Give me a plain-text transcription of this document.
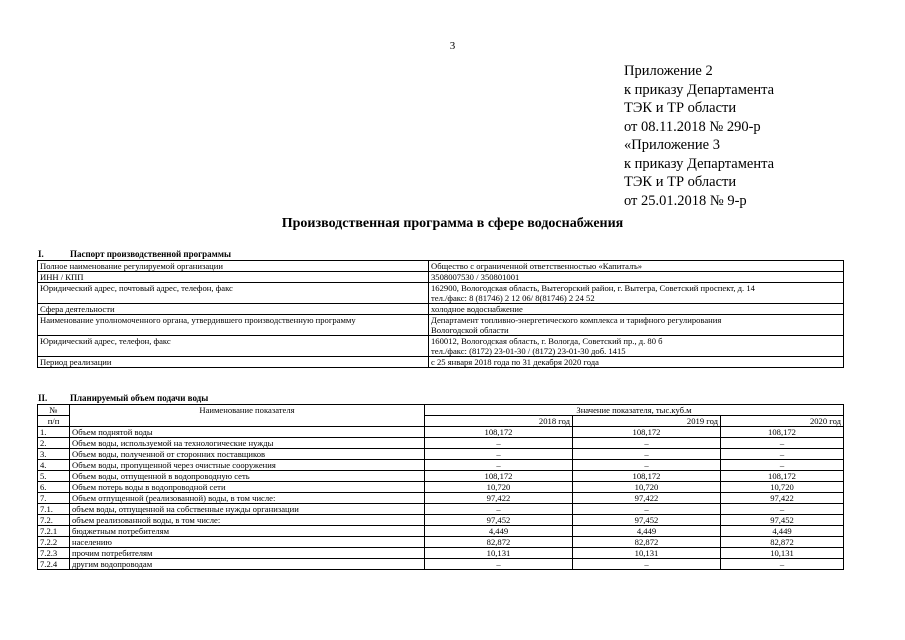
3
Приложение 2
к приказу Департамента
ТЭК и ТР области
от 08.11.2018 № 290-р
«Приложение 3
к приказу Департамента
ТЭК и ТР области
от 25.01.2018 № 9-р
Производственная программа в сфере водоснабжения
I.	Паспорт производственной программы
Полное наименование регулируемой организации	Общество с ограниченной ответственностью «Капиталъ»

ИНН / КПП	3508007530 / 350801001

Юридический адрес, почтовый адрес, телефон, факс	162900, Вологодская область, Вытегорский район, г. Вытегра, Советский проспект, д. 14
тел./факс: 8 (81746) 2 12 06/ 8(81746) 2 24 52

Сфера деятельности	холодное водоснабжение

Наименование уполномоченного органа, утвердившего производственную программу	Департамент топливно-энергетического комплекса и тарифного регулирования
Вологодской области

Юридический адрес, телефон, факс	160012, Вологодская область, г. Вологда, Советский пр., д. 80 б
тел./факс: (8172) 23-01-30 / (8172) 23-01-30 доб. 1415

Период реализации	с 25 января 2018 года по 31 декабря 2020 года
II.	Планируемый объем подачи воды
№	Наименование показателя	Значение показателя, тыс.куб.м		
п/п		2018 год	2019 год	2020 год
1.	Объем поднятой воды	108,172	108,172	108,172
2.	Объем воды, используемой на технологические нужды	–	–	–
3.	Объем воды, полученной от сторонних поставщиков	–	–	–
4.	Объем воды, пропущенной через очистные сооружения	–	–	–
5.	Объем воды, отпущенной в водопроводную сеть	108,172	108,172	108,172
6.	Объем потерь воды в водопроводной сети	10,720	10,720	10,720
7.	Объем отпущенной (реализованной) воды, в том числе:	97,422	97,422	97,422
7.1.	объем воды, отпущенной на собственные нужды организации	–	–	–
7.2.	объем реализованной воды, в том числе:	97,452	97,452	97,452
7.2.1	бюджетным потребителям	4,449	4,449	4,449
7.2.2	населению	82,872	82,872	82,872
7.2.3	прочим потребителям	10,131	10,131	10,131
7.2.4	другим водопроводам	–	–	–
